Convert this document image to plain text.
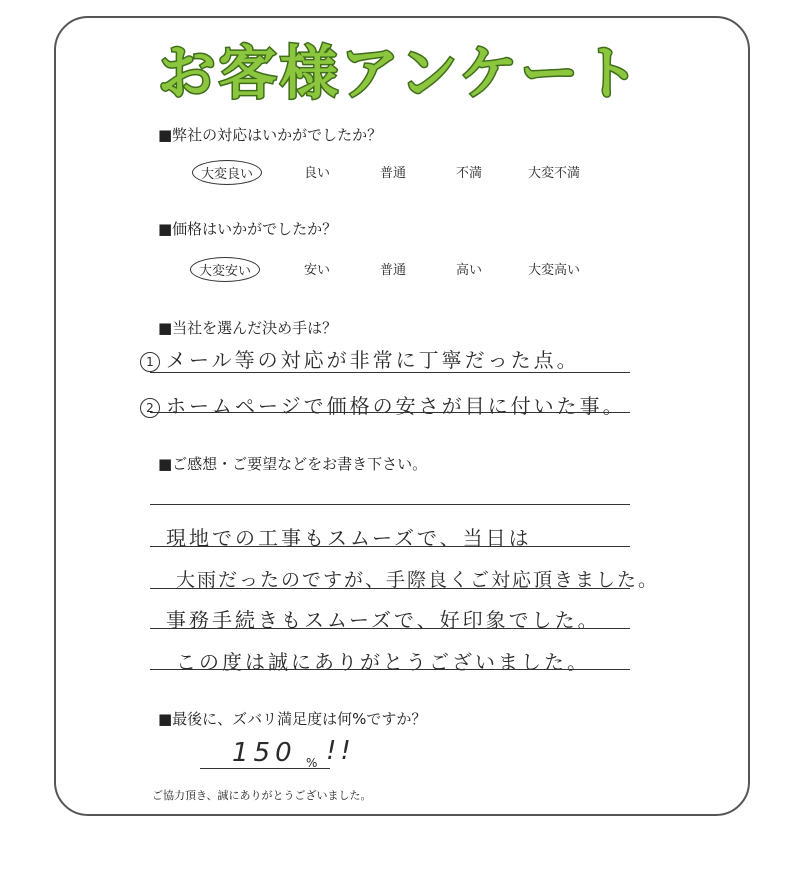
お客様アンケート
■弊社の対応はいかがでしたか？
大変良い	良い	普通	不満	大変不満
■価格はいかがでしたか？
大変安い	安い	普通	高い	大変高い
■当社を選んだ決め手は？
1 メール等の対応が非常に丁寧だった点。
2 ホームページで価格の安さが目に付いた事。
■ご感想・ご要望などをお書き下さい。
現地での工事もスムーズで、当日は
大雨だったのですが、手際良くご対応頂きました。
事務手続きもスムーズで、好印象でした。
この度は誠にありがとうございました。
■最後に、ズバリ満足度は何%ですか？
150 % !!
ご協力頂き、誠にありがとうございました。
